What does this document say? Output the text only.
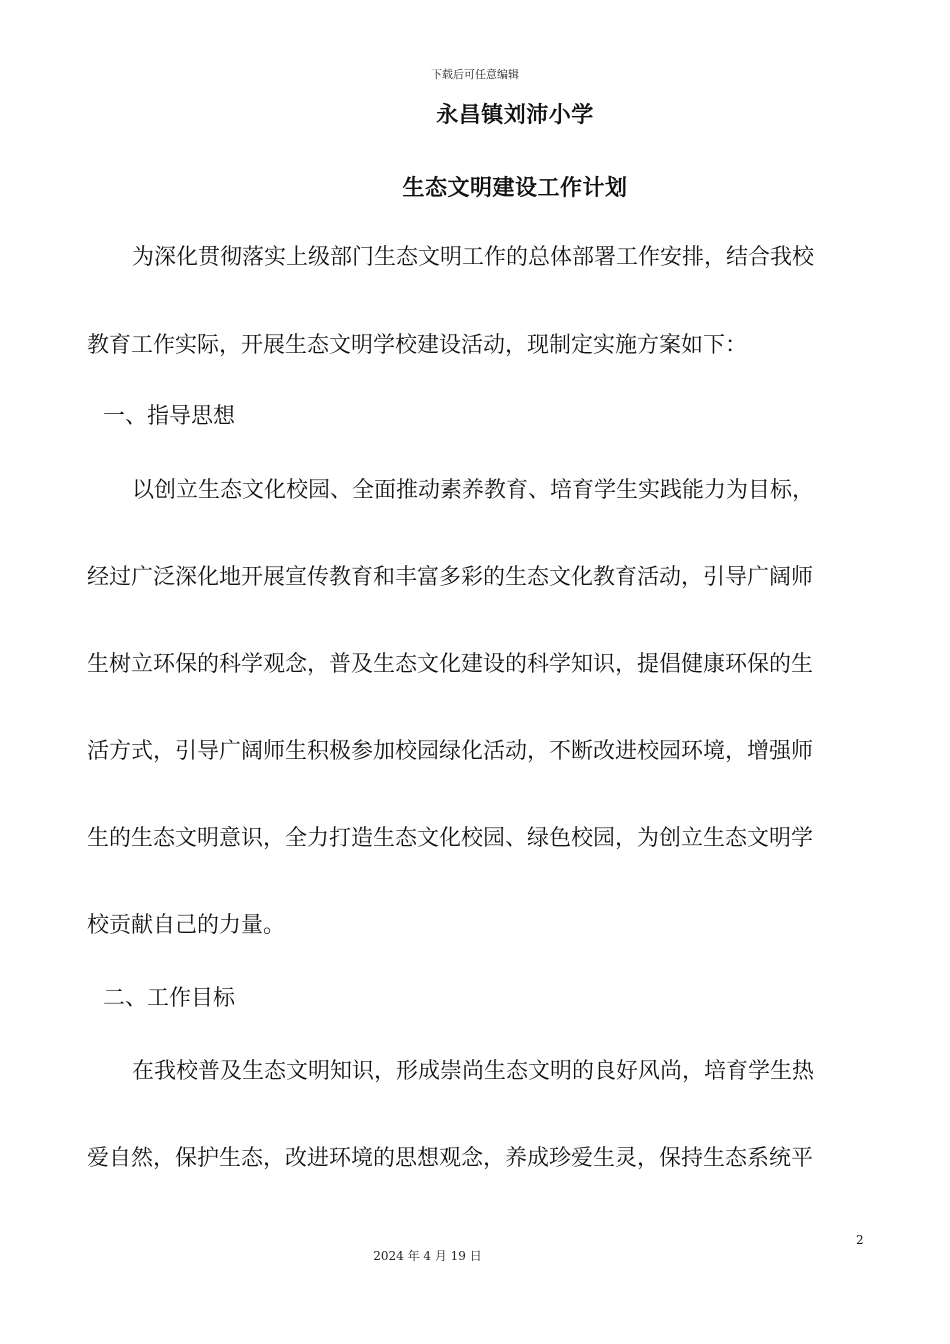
下载后可任意编辑
永昌镇刘沛小学
生态文明建设工作计划
为深化贯彻落实上级部门生态文明工作的总体部署工作安排，结合我校
教育工作实际，开展生态文明学校建设活动，现制定实施方案如下：
一、指导思想
以创立生态文化校园、全面推动素养教育、培育学生实践能力为目标，
经过广泛深化地开展宣传教育和丰富多彩的生态文化教育活动，引导广阔师
生树立环保的科学观念，普及生态文化建设的科学知识，提倡健康环保的生
活方式，引导广阔师生积极参加校园绿化活动，不断改进校园环境，增强师
生的生态文明意识，全力打造生态文化校园、绿色校园，为创立生态文明学
校贡献自己的力量。
二、工作目标
在我校普及生态文明知识，形成崇尚生态文明的良好风尚，培育学生热
爱自然，保护生态，改进环境的思想观念，养成珍爱生灵，保持生态系统平
2
2024 年 4 月 19 日
